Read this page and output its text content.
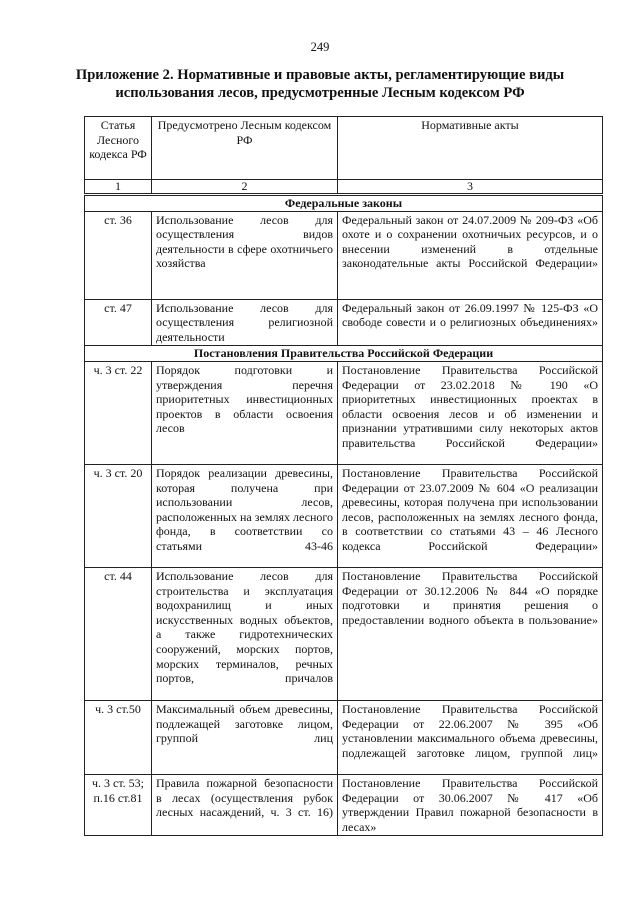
249
Приложение 2. Нормативные и правовые акты, регламентирующие виды использования лесов, предусмотренные Лесным кодексом РФ
Статья Лесного кодекса РФ	Предусмотрено Лесным кодексом РФ	Нормативные акты
1	2	3
Федеральные законы		
ст. 36	Использование лесов для осуществления видов деятельности в сфере охотничьего хозяйства	Федеральный закон от 24.07.2009 № 209-ФЗ «Об охоте и о сохранении охотничьих ресурсов, и о внесении изменений в отдельные законодательные акты Российской Федерации»
ст. 47	Использование лесов для осуществления религиозной деятельности	Федеральный закон от 26.09.1997 № 125-ФЗ «О свободе совести и о религиозных объединениях»
Постановления Правительства Российской Федерации		
ч. 3 ст. 22	Порядок подготовки и утверждения перечня приоритетных инвестиционных проектов в области освоения лесов	Постановление Правительства Российской Федерации от 23.02.2018 № 190 «О приоритетных инвестиционных проектах в области освоения лесов и об изменении и признании утратившими силу некоторых актов правительства Российской Федерации»
ч. 3 ст. 20	Порядок реализации древесины, которая получена при использовании лесов, расположенных на землях лесного фонда, в соответствии со статьями 43-46	Постановление Правительства Российской Федерации от 23.07.2009 № 604 «О реализации древесины, которая получена при использовании лесов, расположенных на землях лесного фонда, в соответствии со статьями 43 – 46 Лесного кодекса Российской Федерации»
ст. 44	Использование лесов для строительства и эксплуатация водохранилищ и иных искусственных водных объектов, а также гидротехнических сооружений, морских портов, морских терминалов, речных портов, причалов	Постановление Правительства Российской Федерации от 30.12.2006 № 844 «О порядке подготовки и принятия решения о предоставлении водного объекта в пользование»
ч. 3 ст.50	Максимальный объем древесины, подлежащей заготовке лицом, группой лиц	Постановление Правительства Российской Федерации от 22.06.2007 № 395 «Об установлении максимального объема древесины, подлежащей заготовке лицом, группой лиц»
ч. 3 ст. 53; п.16 ст.81	Правила пожарной безопасности в лесах (осуществления рубок лесных насаждений, ч. 3 ст. 16)	Постановление Правительства Российской Федерации от 30.06.2007 № 417 «Об утверждении Правил пожарной безопасности в лесах»
